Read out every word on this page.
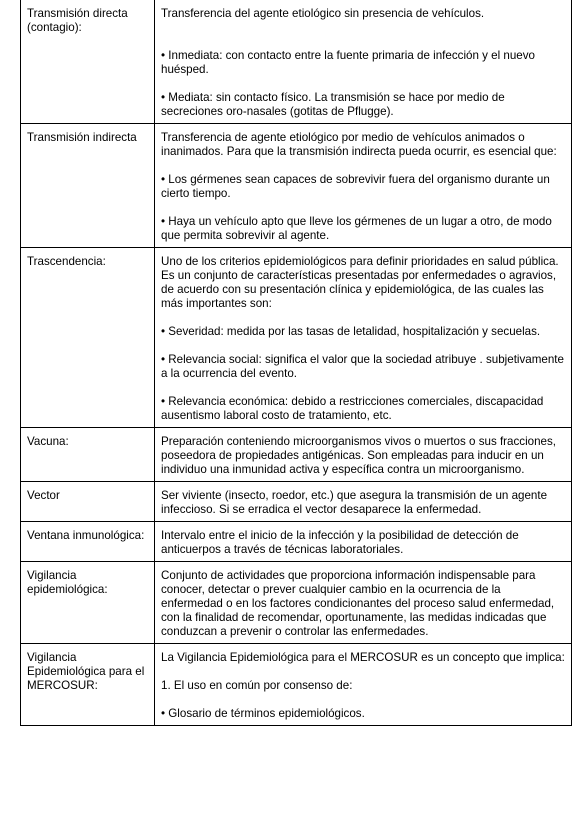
Transmisión directa (contagio):	Transferencia del agente etiológico sin presencia de vehículos.

• Inmediata: con contacto entre la fuente primaria de infección y el nuevo huésped.

• Mediata: sin contacto físico. La transmisión se hace por medio de secreciones oro-nasales (gotitas de Pflugge).

Transmisión indirecta	Transferencia de agente etiológico por medio de vehículos animados o inanimados. Para que la transmisión indirecta pueda ocurrir, es esencial que:

• Los gérmenes sean capaces de sobrevivir fuera del organismo durante un cierto tiempo.

• Haya un vehículo apto que lleve los gérmenes de un lugar a otro, de modo que permita sobrevivir al agente.

Trascendencia:	Uno de los criterios epidemiológicos para definir prioridades en salud pública. Es un conjunto de características presentadas por enfermedades o agravios, de acuerdo con su presentación clínica y epidemiológica, de las cuales las más importantes son:

• Severidad: medida por las tasas de letalidad, hospitalización y secuelas.

• Relevancia social: significa el valor que la sociedad atribuye . subjetivamente a la ocurrencia del evento.

• Relevancia económica: debido a restricciones comerciales, discapacidad ausentismo laboral costo de tratamiento, etc.

Vacuna:	Preparación conteniendo microorganismos vivos o muertos o sus fracciones, poseedora de propiedades antigénicas. Son empleadas para inducir en un individuo una inmunidad activa y específica contra un microorganismo.

Vector	Ser viviente (insecto, roedor, etc.) que asegura la transmisión de un agente infeccioso. Si se erradica el vector desaparece la enfermedad.

Ventana inmunológica:	Intervalo entre el inicio de la infección y la posibilidad de detección de anticuerpos a través de técnicas laboratoriales.

Vigilancia epidemiológica:	Conjunto de actividades que proporciona información indispensable para conocer, detectar o prever cualquier cambio en la ocurrencia de la enfermedad o en los factores condicionantes del proceso salud enfermedad, con la finalidad de recomendar, oportunamente, las medidas indicadas que conduzcan a prevenir o controlar las enfermedades.

Vigilancia Epidemiológica para el MERCOSUR:	La Vigilancia Epidemiológica para el MERCOSUR es un concepto que implica:

1. El uso en común por consenso de:

• Glosario de términos epidemiológicos.
